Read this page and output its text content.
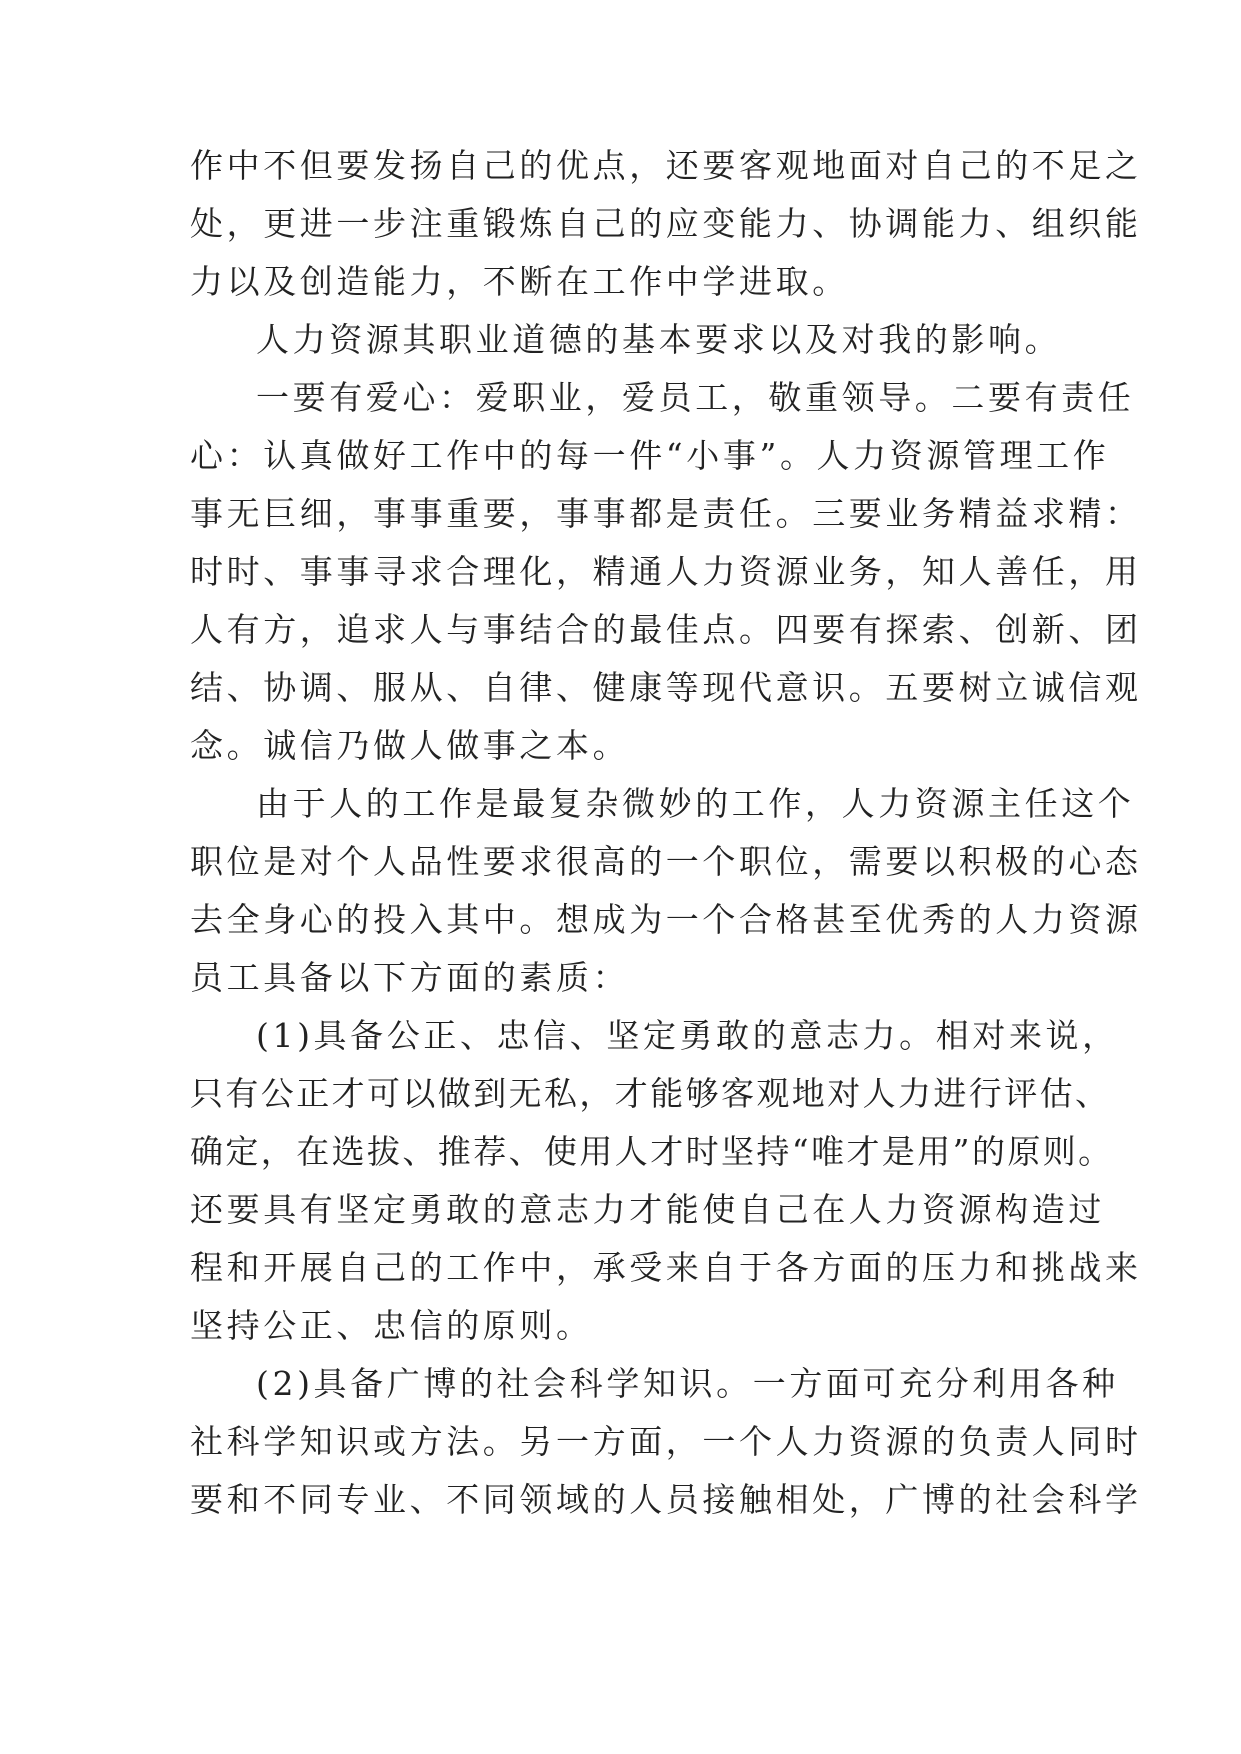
作中不但要发扬自己的优点，还要客观地面对自己的不足之
处，更进一步注重锻炼自己的应变能力、协调能力、组织能
力以及创造能力，不断在工作中学进取。
人力资源其职业道德的基本要求以及对我的影响。
一要有爱心：爱职业，爱员工，敬重领导。二要有责任
心：认真做好工作中的每一件“小事”。人力资源管理工作
事无巨细，事事重要，事事都是责任。三要业务精益求精：
时时、事事寻求合理化，精通人力资源业务，知人善任，用
人有方，追求人与事结合的最佳点。四要有探索、创新、团
结、协调、服从、自律、健康等现代意识。五要树立诚信观
念。诚信乃做人做事之本。
由于人的工作是最复杂微妙的工作，人力资源主任这个
职位是对个人品性要求很高的一个职位，需要以积极的心态
去全身心的投入其中。想成为一个合格甚至优秀的人力资源
员工具备以下方面的素质：
(1)具备公正、忠信、坚定勇敢的意志力。相对来说，
只有公正才可以做到无私，才能够客观地对人力进行评估、
确定，在选拔、推荐、使用人才时坚持“唯才是用”的原则。
还要具有坚定勇敢的意志力才能使自己在人力资源构造过
程和开展自己的工作中，承受来自于各方面的压力和挑战来
坚持公正、忠信的原则。
(2)具备广博的社会科学知识。一方面可充分利用各种
社科学知识或方法。另一方面，一个人力资源的负责人同时
要和不同专业、不同领域的人员接触相处，广博的社会科学
